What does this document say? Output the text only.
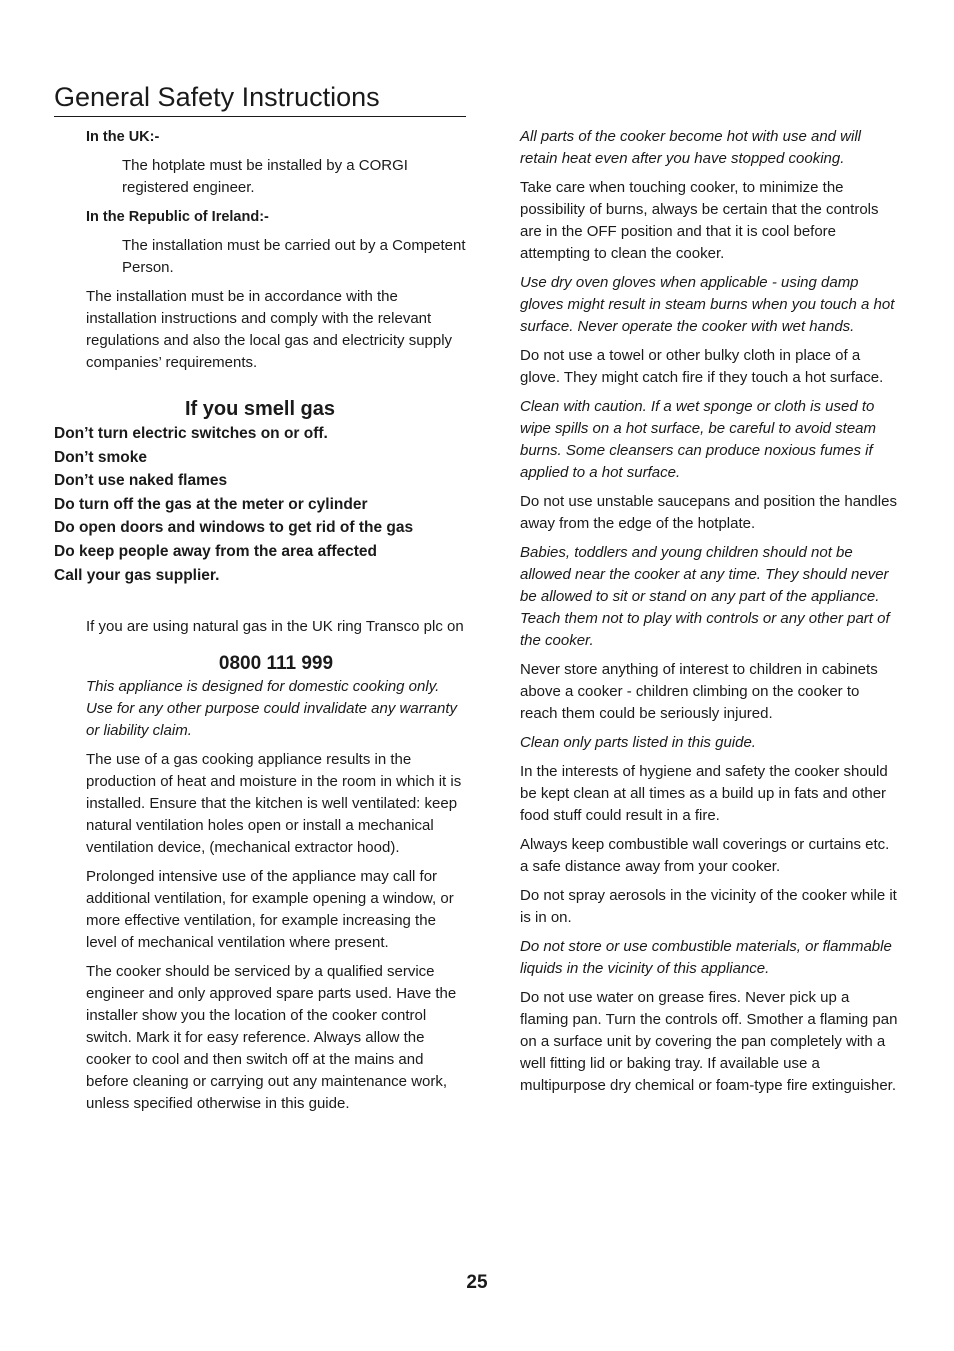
General Safety Instructions

In the UK:-

The hotplate must be installed by a CORGI registered engineer.

In the Republic of Ireland:-

The installation must be carried out by a Competent Person.

The installation must be in accordance with the installation instructions and comply with the relevant regulations and also the local gas and electricity supply companies’ requirements.

If you smell gas

Don’t turn electric switches on or off.
Don’t smoke
Don’t use naked flames
Do turn off the gas at the meter or cylinder
Do open doors and windows to get rid of the gas
Do keep people away from the area affected
Call your gas supplier.

If you are using natural gas in the UK ring Transco plc on

0800 111 999

This appliance is designed for domestic cooking only. Use for any other purpose could invalidate any warranty or liability claim.

The use of a gas cooking appliance results in the production of heat and moisture in the room in which it is installed. Ensure that the kitchen is well ventilated: keep natural ventilation holes open or install a mechanical ventilation device, (mechanical extractor hood).

Prolonged intensive use of the appliance may call for additional ventilation, for example opening a window, or more effective ventilation, for example increasing the level of mechanical ventilation where present.

The cooker should be serviced by a qualified service engineer and only approved spare parts used. Have the installer show you the location of the cooker control switch. Mark it for easy reference. Always allow the cooker to cool and then switch off at the mains and before cleaning or carrying out any maintenance work, unless specified otherwise in this guide.

All parts of the cooker become hot with use and will retain heat even after you have stopped cooking.

Take care when touching cooker, to minimize the possibility of burns, always be certain that the controls are in the OFF position and that it is cool before attempting to clean the cooker.

Use dry oven gloves when applicable - using damp gloves might result in steam burns when you touch a hot surface. Never operate the cooker with wet hands.

Do not use a towel or other bulky cloth in place of a glove. They might catch fire if they touch a hot surface.

Clean with caution. If a wet sponge or cloth is used to wipe spills on a hot surface, be careful to avoid steam burns. Some cleansers can produce noxious fumes if applied to a hot surface.

Do not use unstable saucepans and position the handles away from the edge of the hotplate.

Babies, toddlers and young children should not be allowed near the cooker at any time. They should never be allowed to sit or stand on any part of the appliance. Teach them not to play with controls or any other part of the cooker.

Never store anything of interest to children in cabinets above a cooker - children climbing on the cooker to reach them could be seriously injured.

Clean only parts listed in this guide.

In the interests of hygiene and safety the cooker should be kept clean at all times as a build up in fats and other food stuff could result in a fire.

Always keep combustible wall coverings or curtains etc. a safe distance away from your cooker.

Do not spray aerosols in the vicinity of the cooker while it is in on.

Do not store or use combustible materials, or flammable liquids in the vicinity of this appliance.

Do not use water on grease fires. Never pick up a flaming pan. Turn the controls off. Smother a flaming pan on a surface unit by covering the pan completely with a well fitting lid or baking tray. If available use a multipurpose dry chemical or foam-type fire extinguisher.

25
